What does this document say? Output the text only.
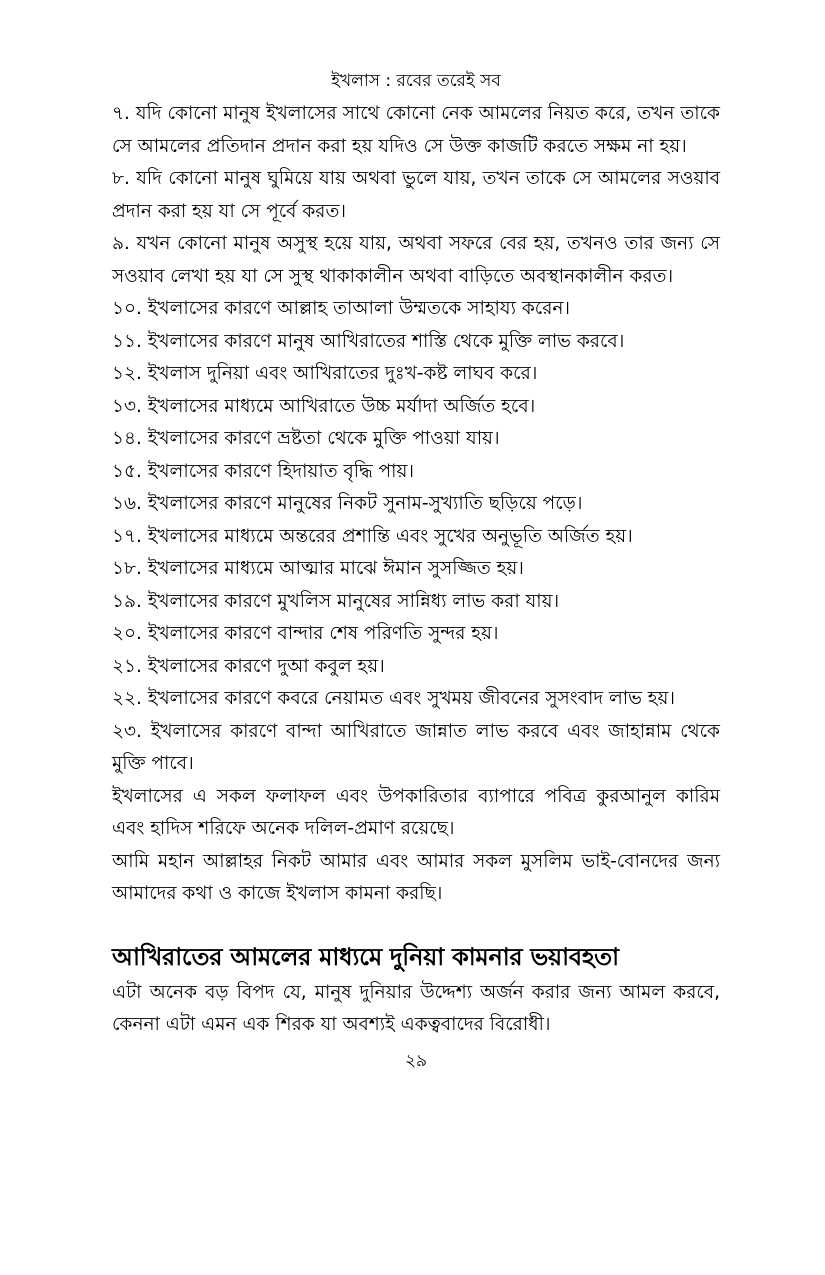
ইখলাস : রবের তরেই সব
৭. যদি কোনো মানুষ ইখলাসের সাথে কোনো নেক আমলের নিয়ত করে, তখন তাকে সে আমলের প্রতিদান প্রদান করা হয় যদিও সে উক্ত কাজটি করতে সক্ষম না হয়।
৮. যদি কোনো মানুষ ঘুমিয়ে যায় অথবা ভুলে যায়, তখন তাকে সে আমলের সওয়াব প্রদান করা হয় যা সে পূর্বে করত।
৯. যখন কোনো মানুষ অসুস্থ হয়ে যায়, অথবা সফরে বের হয়, তখনও তার জন্য সে সওয়াব লেখা হয় যা সে সুস্থ থাকাকালীন অথবা বাড়িতে অবস্থানকালীন করত।
১০. ইখলাসের কারণে আল্লাহ তাআলা উম্মতকে সাহায্য করেন।
১১. ইখলাসের কারণে মানুষ আখিরাতের শাস্তি থেকে মুক্তি লাভ করবে।
১২. ইখলাস দুনিয়া এবং আখিরাতের দুঃখ-কষ্ট লাঘব করে।
১৩. ইখলাসের মাধ্যমে আখিরাতে উচ্চ মর্যাদা অর্জিত হবে।
১৪. ইখলাসের কারণে ভ্রষ্টতা থেকে মুক্তি পাওয়া যায়।
১৫. ইখলাসের কারণে হিদায়াত বৃদ্ধি পায়।
১৬. ইখলাসের কারণে মানুষের নিকট সুনাম-সুখ্যাতি ছড়িয়ে পড়ে।
১৭. ইখলাসের মাধ্যমে অন্তরের প্রশান্তি এবং সুখের অনুভূতি অর্জিত হয়।
১৮. ইখলাসের মাধ্যমে আত্মার মাঝে ঈমান সুসজ্জিত হয়।
১৯. ইখলাসের কারণে মুখলিস মানুষের সান্নিধ্য লাভ করা যায়।
২০. ইখলাসের কারণে বান্দার শেষ পরিণতি সুন্দর হয়।
২১. ইখলাসের কারণে দুআ কবুল হয়।
২২. ইখলাসের কারণে কবরে নেয়ামত এবং সুখময় জীবনের সুসংবাদ লাভ হয়।
২৩. ইখলাসের কারণে বান্দা আখিরাতে জান্নাত লাভ করবে এবং জাহান্নাম থেকে মুক্তি পাবে।

ইখলাসের এ সকল ফলাফল এবং উপকারিতার ব্যাপারে পবিত্র কুরআনুল কারিম এবং হাদিস শরিফে অনেক দলিল-প্রমাণ রয়েছে।

আমি মহান আল্লাহর নিকট আমার এবং আমার সকল মুসলিম ভাই-বোনদের জন্য আমাদের কথা ও কাজে ইখলাস কামনা করছি।

আখিরাতের আমলের মাধ্যমে দুনিয়া কামনার ভয়াবহতা

এটা অনেক বড় বিপদ যে, মানুষ দুনিয়ার উদ্দেশ্য অর্জন করার জন্য আমল করবে, কেননা এটা এমন এক শিরক যা অবশ্যই একত্ববাদের বিরোধী।

২৯
